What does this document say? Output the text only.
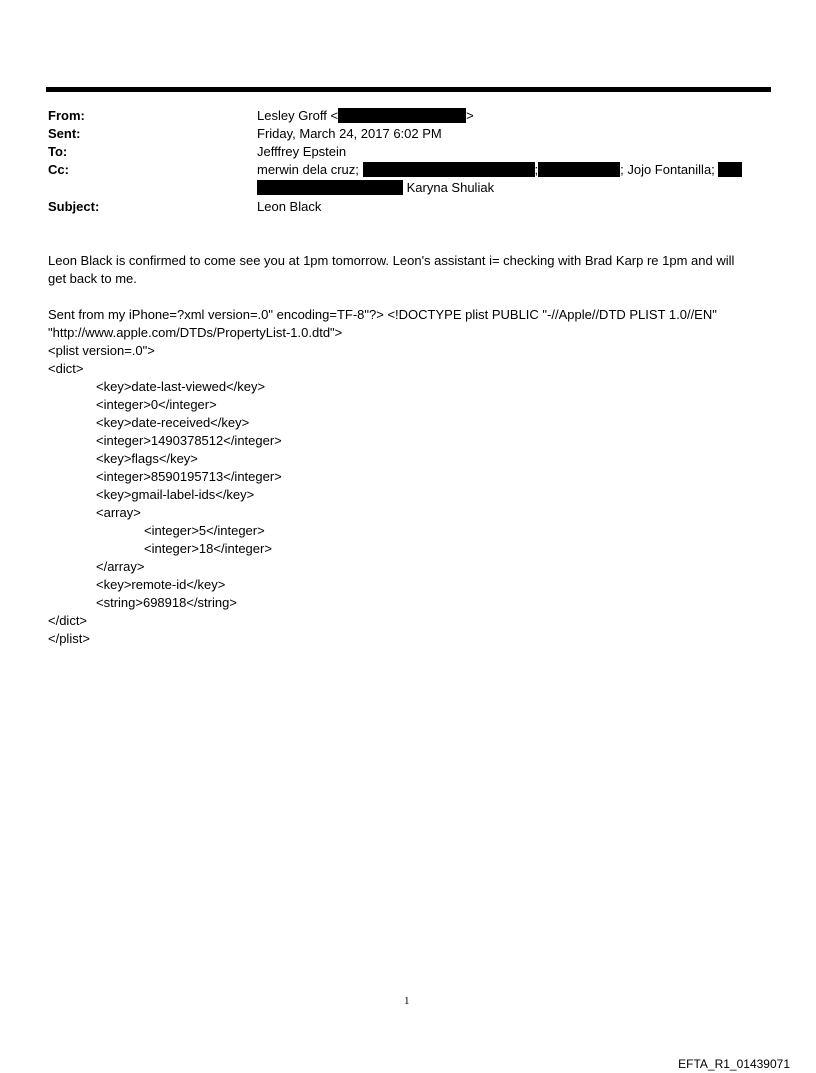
From:	Lesley Groff <	>
Sent:	Friday, March 24, 2017 6:02 PM
To:	Jefffrey Epstein
Cc:	merwin dela cruz;	;	; Jojo Fontanilla;
Karyna Shuliak
Subject:	Leon Black
Leon Black is confirmed to come see you at 1pm tomorrow. Leon's assistant i= checking with Brad Karp re 1pm and will
get back to me.
Sent from my iPhone=?xml version=.0" encoding=TF-8"?> <!DOCTYPE plist PUBLIC "-//Apple//DTD PLIST 1.0//EN"
"http://www.apple.com/DTDs/PropertyList-1.0.dtd">
<plist version=.0">
<dict>
<key>date-last-viewed</key>
<integer>0</integer>
<key>date-received</key>
<integer>1490378512</integer>
<key>flags</key>
<integer>8590195713</integer>
<key>gmail-label-ids</key>
<array>
<integer>5</integer>
<integer>18</integer>
</array>
<key>remote-id</key>
<string>698918</string>
</dict>
</plist>
1
EFTA_R1_01439071
